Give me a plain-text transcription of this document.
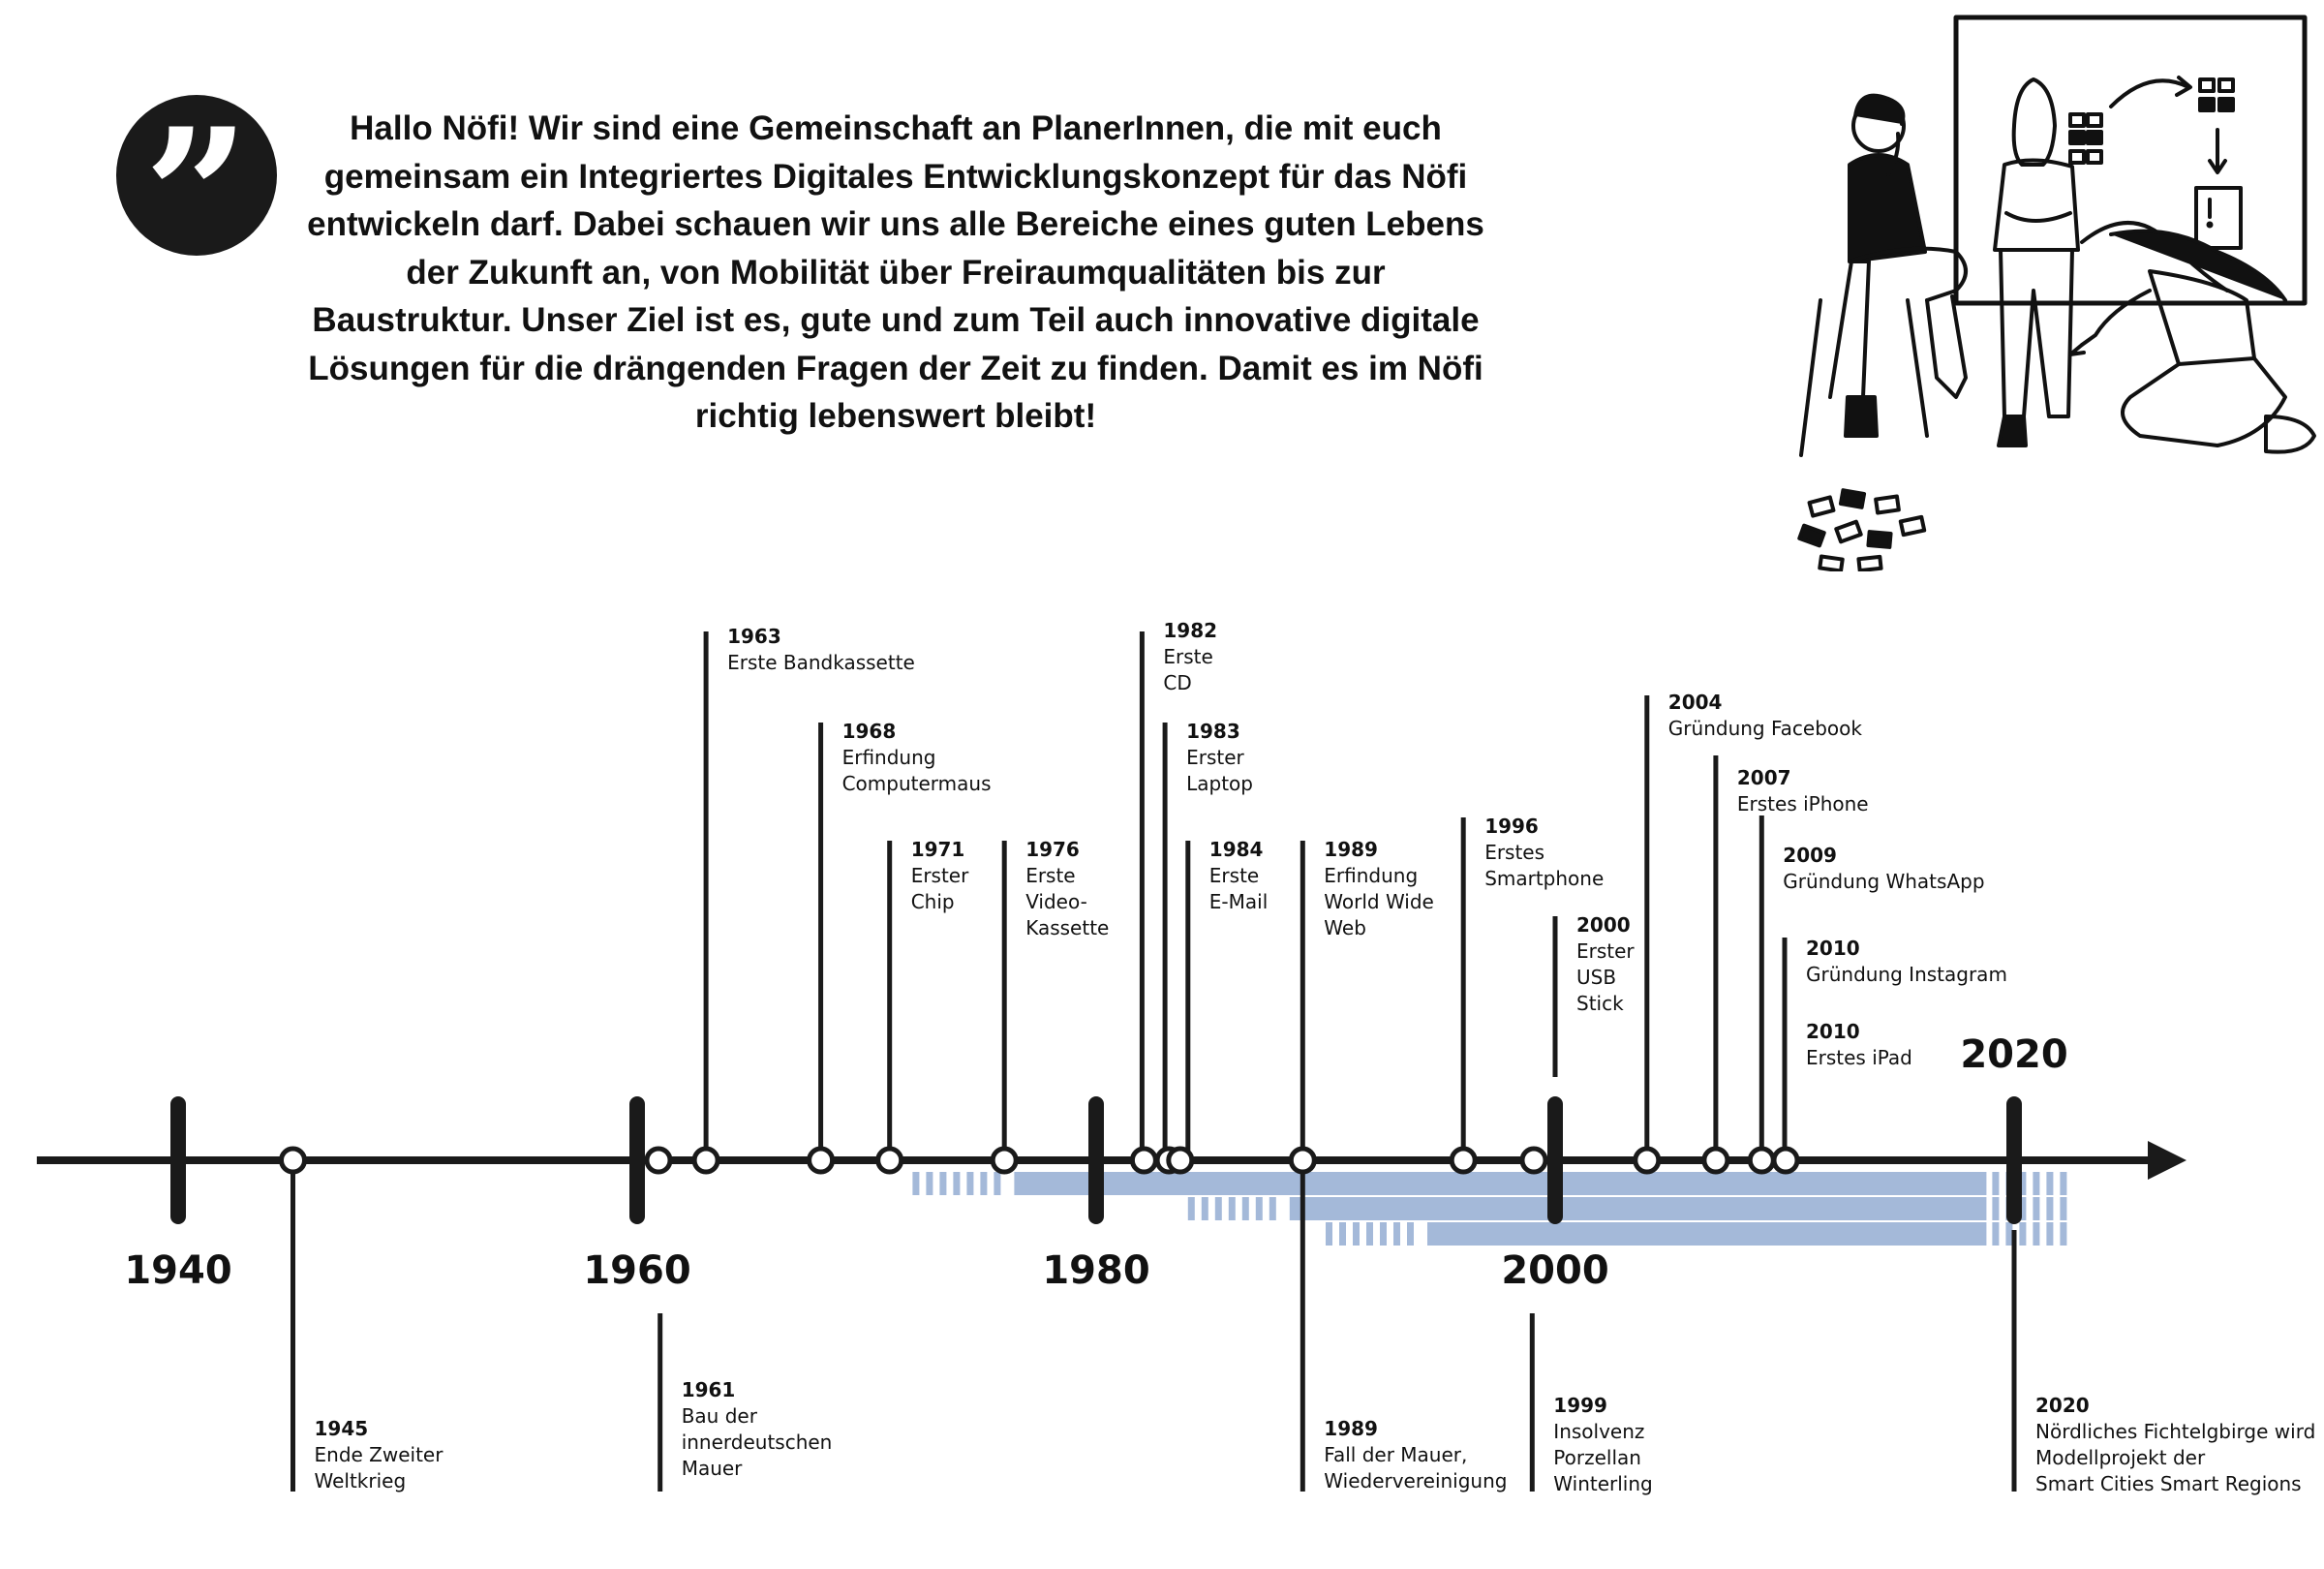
”	Hallo Nöfi! Wir sind eine Gemeinschaft an PlanerInnen, die mit euch gemeinsam ein Integriertes Digitales Entwicklungskonzept für das Nöfi entwickeln darf. Dabei schauen wir uns alle Bereiche eines guten Lebens der Zukunft an, von Mobilität über Freiraumqualitäten bis zur Baustruktur. Unser Ziel ist es, gute und zum Teil auch innovative digitale Lösungen für die drängenden Fragen der Zeit zu finden. Damit es im Nöfi richtig lebenswert bleibt!

1940	1960	1980	2000
2020
1945
Ende Zweiter
Weltkrieg
1961
Bau der
innerdeutschen
Mauer
1989
Fall der Mauer,
Wiedervereinigung
1999
Insolvenz
Porzellan
Winterling
2020
Nördliches Fichtelgbirge wird
Modellprojekt der
Smart Cities Smart Regions
1963
Erste Bandkassette
1968
Erfindung
Computermaus
1971
Erster
Chip
1976
Erste
Video-
Kassette
1982
Erste
CD
1983
Erster
Laptop
1984
Erste
E-Mail
1989
Erfindung
World Wide
Web
1996
Erstes
Smartphone
2000
Erster
USB
Stick
2004
Gründung Facebook
2007
Erstes iPhone
2009
Gründung WhatsApp
2010
Gründung Instagram
2010
Erstes iPad
